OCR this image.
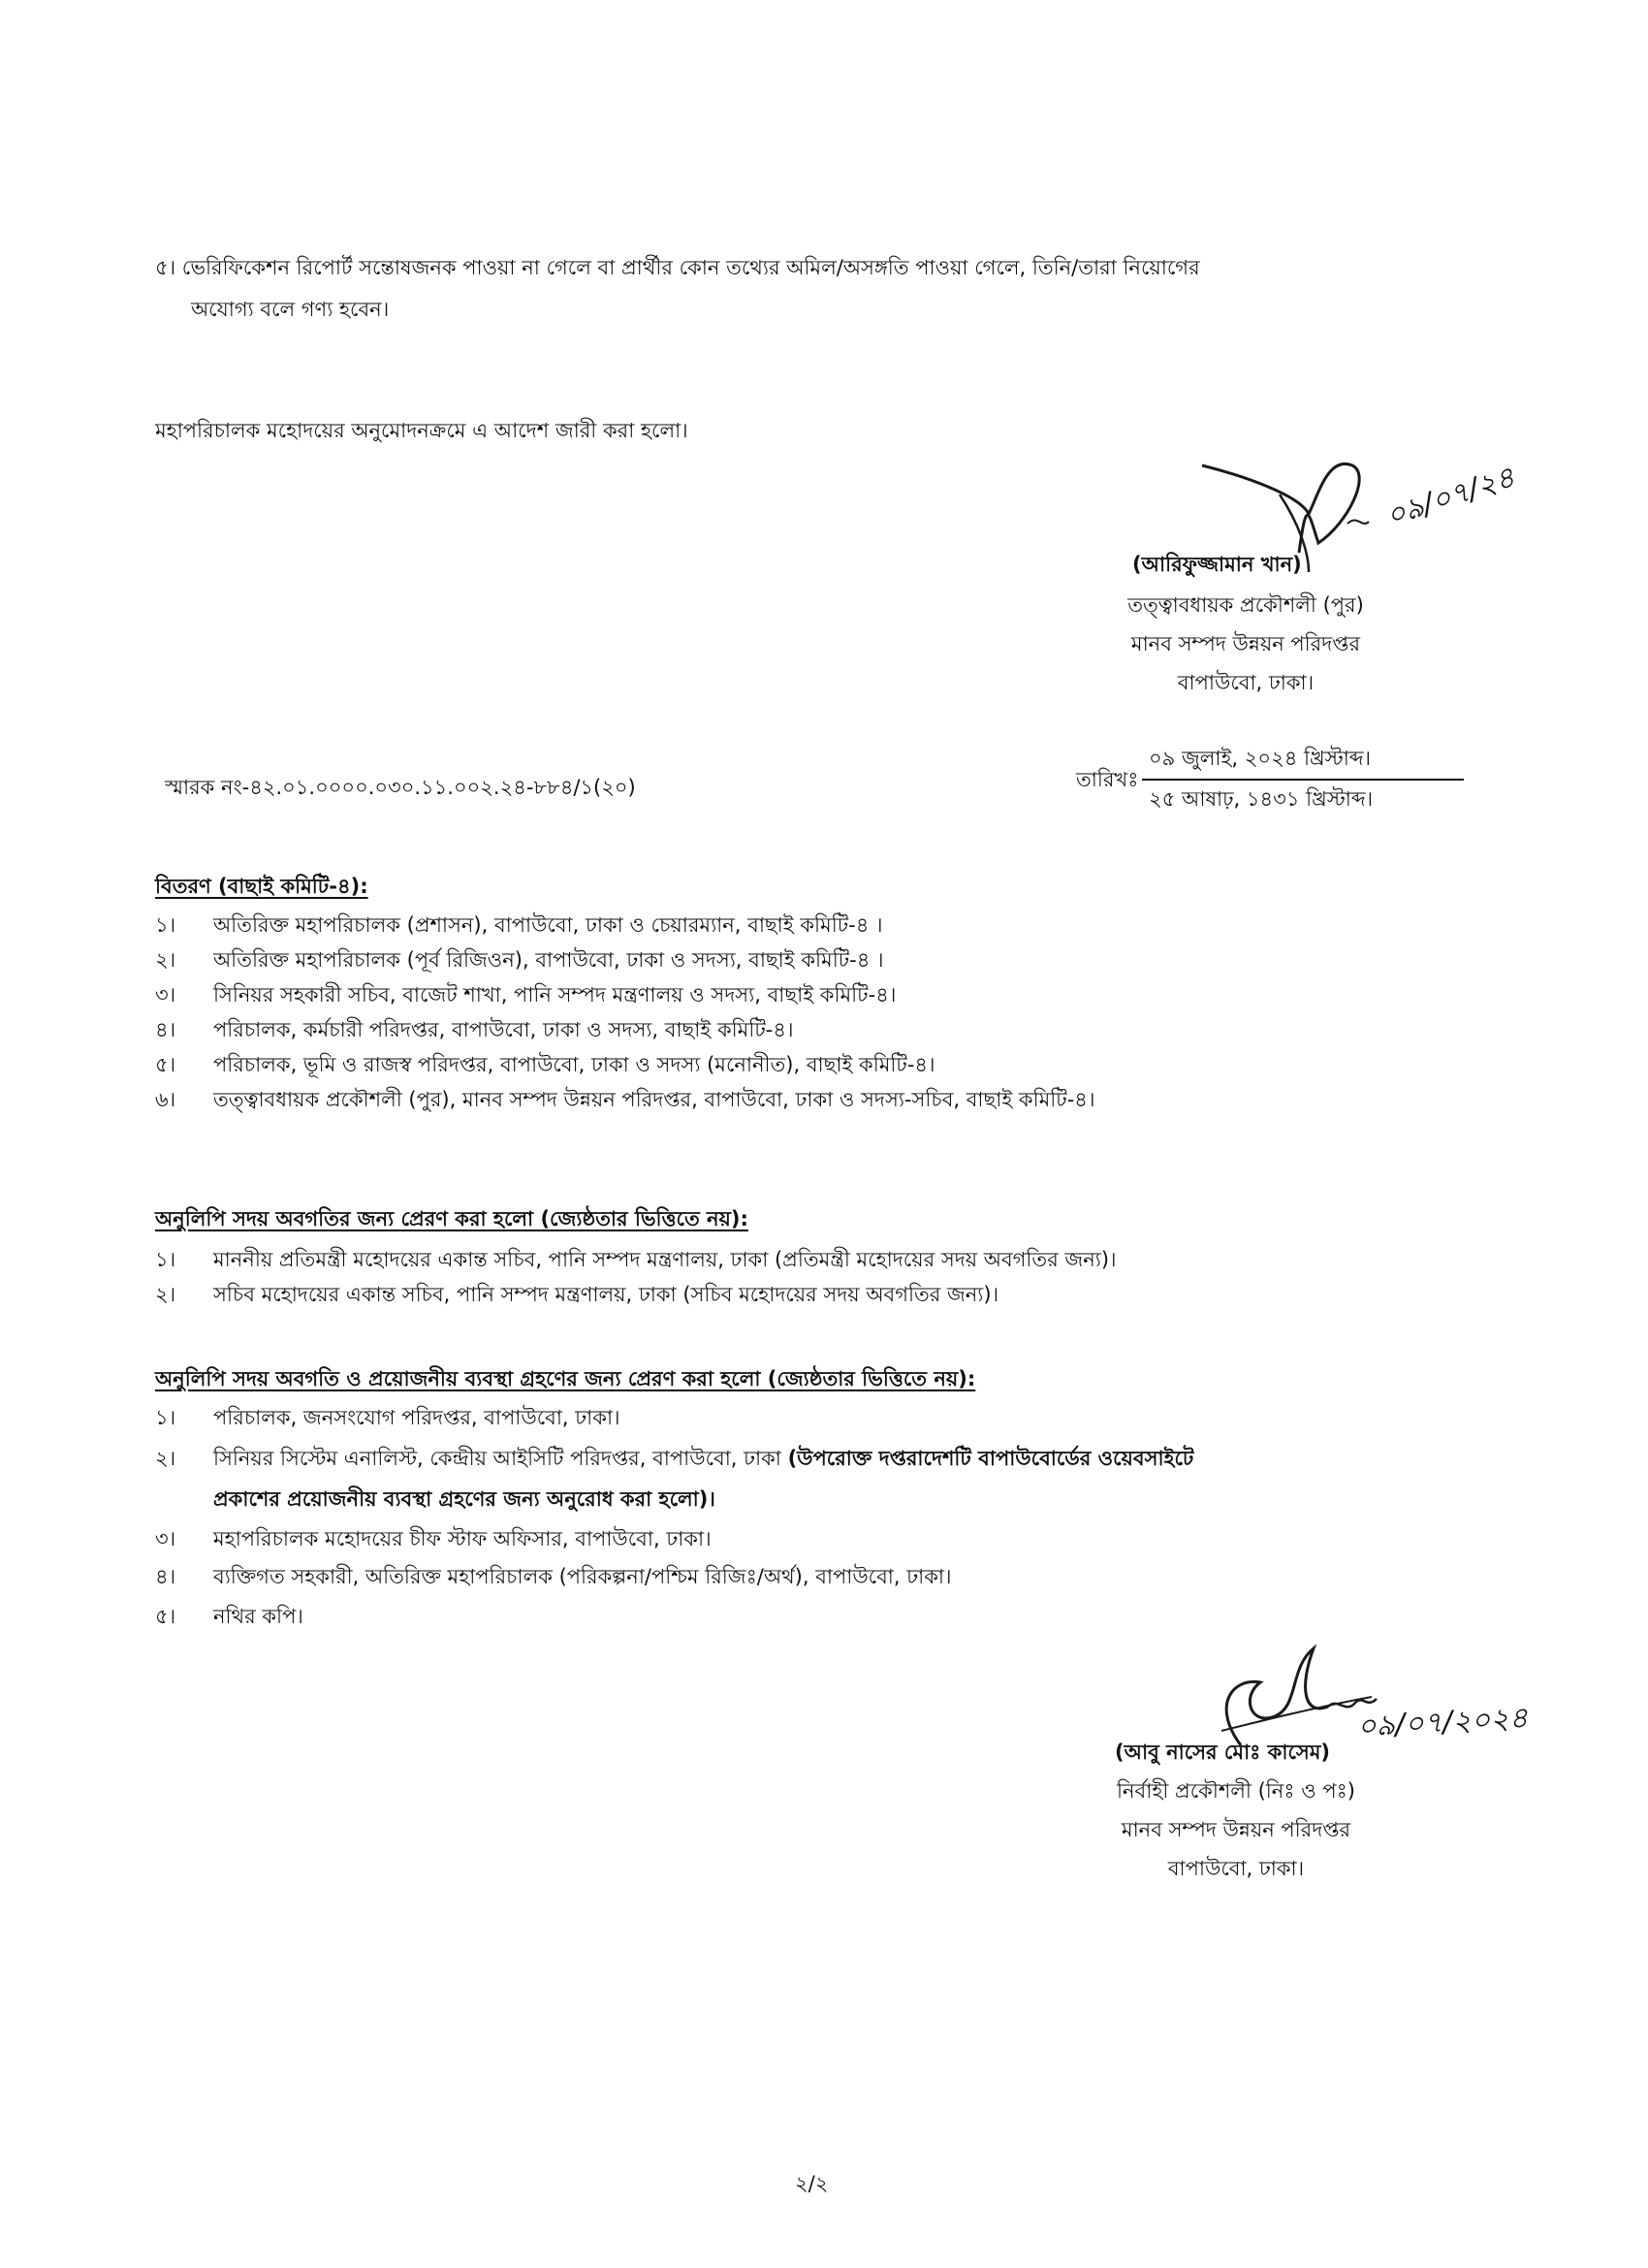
৫। ভেরিফিকেশন রিপোর্ট সন্তোষজনক পাওয়া না গেলে বা প্রার্থীর কোন তথ্যের অমিল/অসঙ্গতি পাওয়া গেলে, তিনি/তারা নিয়োগের
অযোগ্য বলে গণ্য হবেন।
মহাপরিচালক মহোদয়ের অনুমোদনক্রমে এ আদেশ জারী করা হলো।
০৯/০৭/২৪
(আরিফুজ্জামান খান)
তত্ত্বাবধায়ক প্রকৌশলী (পুর)
মানব সম্পদ উন্নয়ন পরিদপ্তর
বাপাউবো, ঢাকা।
স্মারক নং-৪২.০১.০০০০.০৩০.১১.০০২.২৪-৮৮৪/১(২০)	তারিখঃ
০৯ জুলাই, ২০২৪ খ্রিস্টাব্দ।
২৫ আষাঢ়, ১৪৩১ খ্রিস্টাব্দ।
বিতরণ (বাছাই কমিটি-৪):
১।	অতিরিক্ত মহাপরিচালক (প্রশাসন), বাপাউবো, ঢাকা ও চেয়ারম্যান, বাছাই কমিটি-৪ ।
২।	অতিরিক্ত মহাপরিচালক (পূর্ব রিজিওন), বাপাউবো, ঢাকা ও সদস্য, বাছাই কমিটি-৪ ।
৩।	সিনিয়র সহকারী সচিব, বাজেট শাখা, পানি সম্পদ মন্ত্রণালয় ও সদস্য, বাছাই কমিটি-৪।
৪।	পরিচালক, কর্মচারী পরিদপ্তর, বাপাউবো, ঢাকা ও সদস্য, বাছাই কমিটি-৪।
৫।	পরিচালক, ভূমি ও রাজস্ব পরিদপ্তর, বাপাউবো, ঢাকা ও সদস্য (মনোনীত), বাছাই কমিটি-৪।
৬।	তত্ত্বাবধায়ক প্রকৌশলী (পুর), মানব সম্পদ উন্নয়ন পরিদপ্তর, বাপাউবো, ঢাকা ও সদস্য-সচিব, বাছাই কমিটি-৪।
অনুলিপি সদয় অবগতির জন্য প্রেরণ করা হলো (জ্যেষ্ঠতার ভিত্তিতে নয়):
১।	মাননীয় প্রতিমন্ত্রী মহোদয়ের একান্ত সচিব, পানি সম্পদ মন্ত্রণালয়, ঢাকা (প্রতিমন্ত্রী মহোদয়ের সদয় অবগতির জন্য)।
২।	সচিব মহোদয়ের একান্ত সচিব, পানি সম্পদ মন্ত্রণালয়, ঢাকা (সচিব মহোদয়ের সদয় অবগতির জন্য)।
অনুলিপি সদয় অবগতি ও প্রয়োজনীয় ব্যবস্থা গ্রহণের জন্য প্রেরণ করা হলো (জ্যেষ্ঠতার ভিত্তিতে নয়):
১। পরিচালক, জনসংযোগ পরিদপ্তর, বাপাউবো, ঢাকা।
২। সিনিয়র সিস্টেম এনালিস্ট, কেন্দ্রীয় আইসিটি পরিদপ্তর, বাপাউবো, ঢাকা (উপরোক্ত দপ্তরাদেশটি বাপাউবোর্ডের ওয়েবসাইটে
প্রকাশের প্রয়োজনীয় ব্যবস্থা গ্রহণের জন্য অনুরোধ করা হলো)।
৩। মহাপরিচালক মহোদয়ের চীফ স্টাফ অফিসার, বাপাউবো, ঢাকা।
৪। ব্যক্তিগত সহকারী, অতিরিক্ত মহাপরিচালক (পরিকল্পনা/পশ্চিম রিজিঃ/অর্থ), বাপাউবো, ঢাকা।
৫। নথির কপি।
০৯/০৭/২০২৪
(আবু নাসের মোঃ কাসেম)
নির্বাহী প্রকৌশলী (নিঃ ও পঃ)
মানব সম্পদ উন্নয়ন পরিদপ্তর
বাপাউবো, ঢাকা।
২/২
